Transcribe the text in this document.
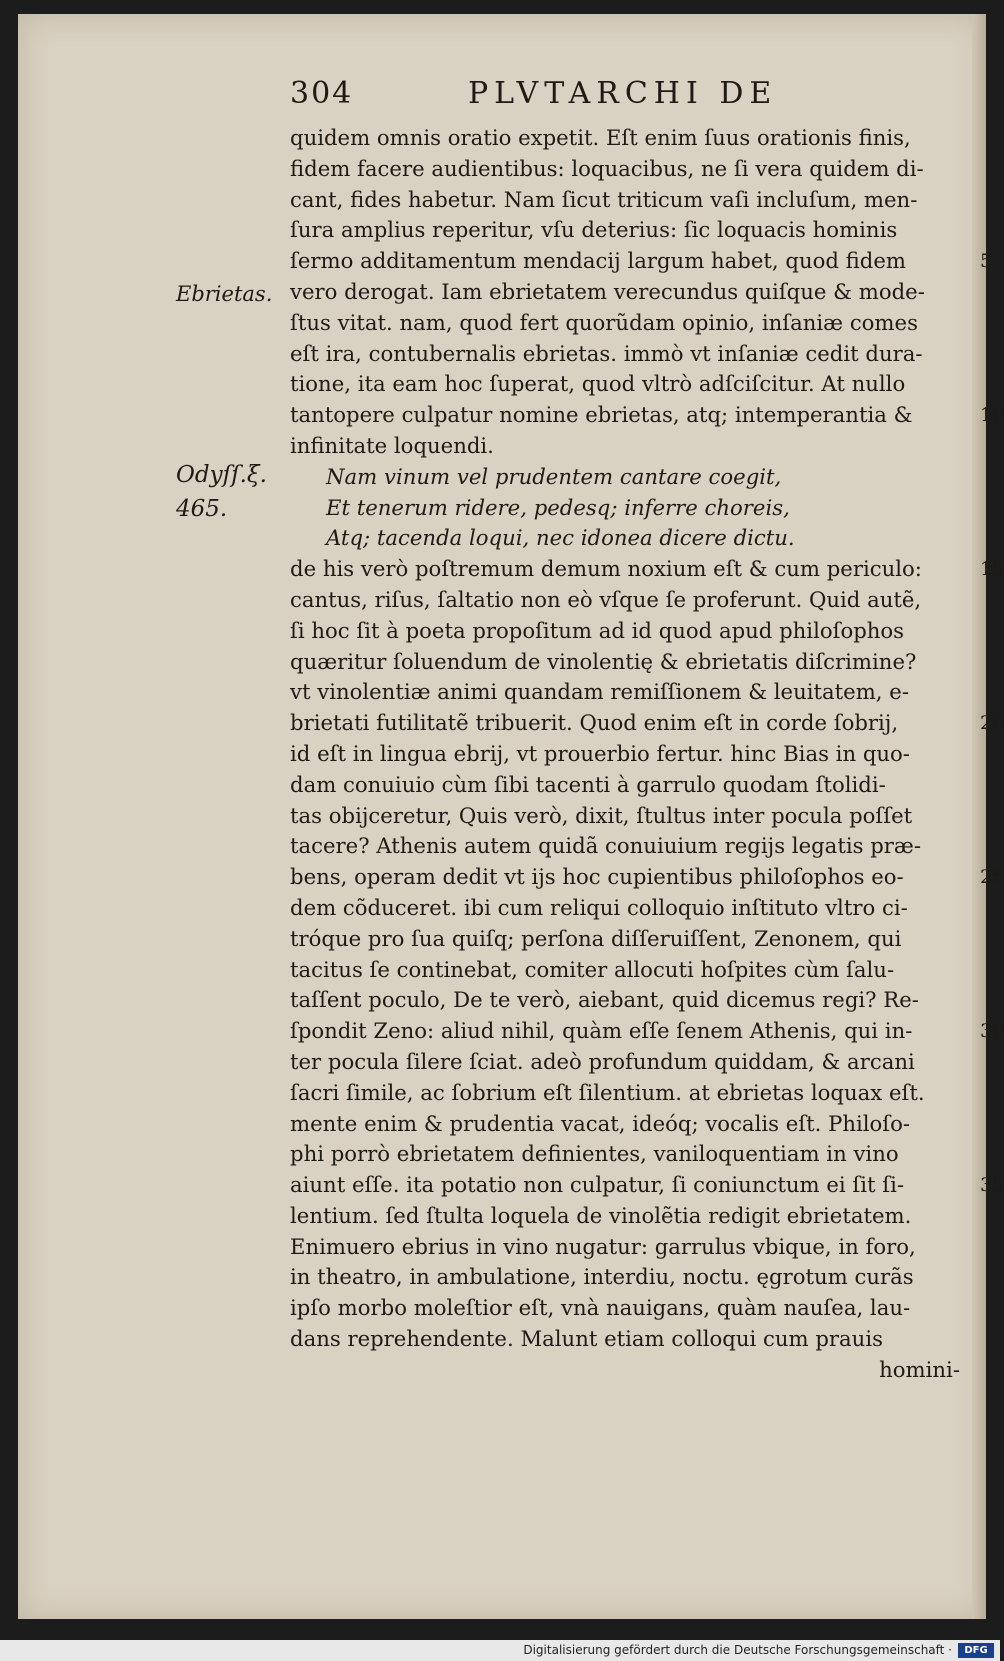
304	PLVTARCHI DE
Ebrietas.
Odyſſ.ξ.
465.
quidem omnis oratio expetit. Eſt enim ſuus orationis finis,
fidem facere audientibus: loquacibus, ne ſi vera quidem di-
cant, fides habetur. Nam ſicut triticum vaſi incluſum, men-
ſura amplius reperitur, vſu deterius: ſic loquacis hominis
ſermo additamentum mendacij largum habet, quod fidem	5
vero derogat. Iam ebrietatem verecundus quiſque & mode-
ſtus vitat. nam, quod fert quorũdam opinio, inſaniæ comes
eſt ira, contubernalis ebrietas. immò vt inſaniæ cedit dura-
tione, ita eam hoc ſuperat, quod vltrò adſciſcitur. At nullo
tantopere culpatur nomine ebrietas, atq; intemperantia &	10
infinitate loquendi.
Nam vinum vel prudentem cantare coegit,
Et tenerum ridere, pedesq; inferre choreis,
Atq; tacenda loqui, nec idonea dicere dictu.
de his verò poſtremum demum noxium eſt & cum periculo:	15
cantus, riſus, ſaltatio non eò vſque ſe proferunt. Quid autẽ,
ſi hoc ſit à poeta propoſitum ad id quod apud philoſophos
quæritur ſoluendum de vinolentię & ebrietatis diſcrimine?
vt vinolentiæ animi quandam remiſſionem & leuitatem, e-
brietati futilitatẽ tribuerit. Quod enim eſt in corde ſobrij,	20
id eſt in lingua ebrij, vt prouerbio fertur. hinc Bias in quo-
dam conuiuio cùm ſibi tacenti à garrulo quodam ſtolidi-
tas obijceretur, Quis verò, dixit, ſtultus inter pocula poſſet
tacere? Athenis autem quidã conuiuium regijs legatis præ-
bens, operam dedit vt ijs hoc cupientibus philoſophos eo-	25
dem cõduceret. ibi cum reliqui colloquio inſtituto vltro ci-
tróque pro ſua quiſq; perſona diſſeruiſſent, Zenonem, qui
tacitus ſe continebat, comiter allocuti hoſpites cùm ſalu-
taſſent poculo, De te verò, aiebant, quid dicemus regi? Re-
ſpondit Zeno: aliud nihil, quàm eſſe ſenem Athenis, qui in-	30
ter pocula ſilere ſciat. adeò profundum quiddam, & arcani
ſacri ſimile, ac ſobrium eſt ſilentium. at ebrietas loquax eſt.
mente enim & prudentia vacat, ideóq; vocalis eſt. Philoſo-
phi porrò ebrietatem definientes, vaniloquentiam in vino
aiunt eſſe. ita potatio non culpatur, ſi coniunctum ei ſit ſi-	35
lentium. ſed ſtulta loquela de vinolẽtia redigit ebrietatem.
Enimuero ebrius in vino nugatur: garrulus vbique, in foro,
in theatro, in ambulatione, interdiu, noctu. ęgrotum curãs
ipſo morbo moleſtior eſt, vnà nauigans, quàm nauſea, lau-
dans reprehendente. Malunt etiam colloqui cum prauis
homini-
Digitalisierung gefördert durch die Deutsche Forschungsgemeinschaft ·	DFG
